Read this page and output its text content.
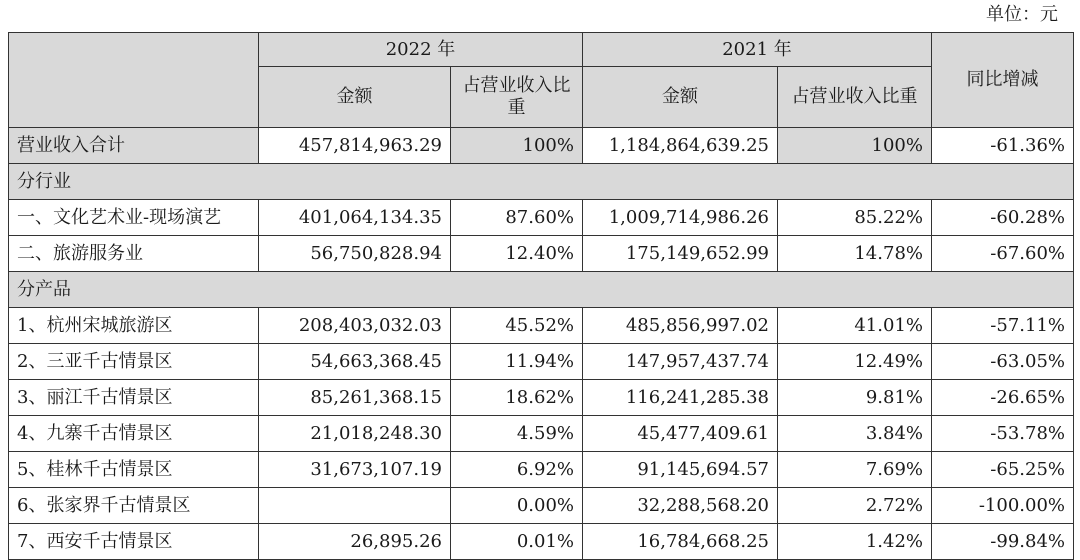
单位：元
	2022 年		2021 年		同比增减
	金额	占营业收入比重	金额	占营业收入比重	
营业收入合计	457,814,963.29	100%	1,184,864,639.25	100%	-61.36%
分行业					
一、文化艺术业-现场演艺	401,064,134.35	87.60%	1,009,714,986.26	85.22%	-60.28%
二、旅游服务业	56,750,828.94	12.40%	175,149,652.99	14.78%	-67.60%
分产品					
1、杭州宋城旅游区	208,403,032.03	45.52%	485,856,997.02	41.01%	-57.11%
2、三亚千古情景区	54,663,368.45	11.94%	147,957,437.74	12.49%	-63.05%
3、丽江千古情景区	85,261,368.15	18.62%	116,241,285.38	9.81%	-26.65%
4、九寨千古情景区	21,018,248.30	4.59%	45,477,409.61	3.84%	-53.78%
5、桂林千古情景区	31,673,107.19	6.92%	91,145,694.57	7.69%	-65.25%
6、张家界千古情景区		0.00%	32,288,568.20	2.72%	-100.00%
7、西安千古情景区	26,895.26	0.01%	16,784,668.25	1.42%	-99.84%
